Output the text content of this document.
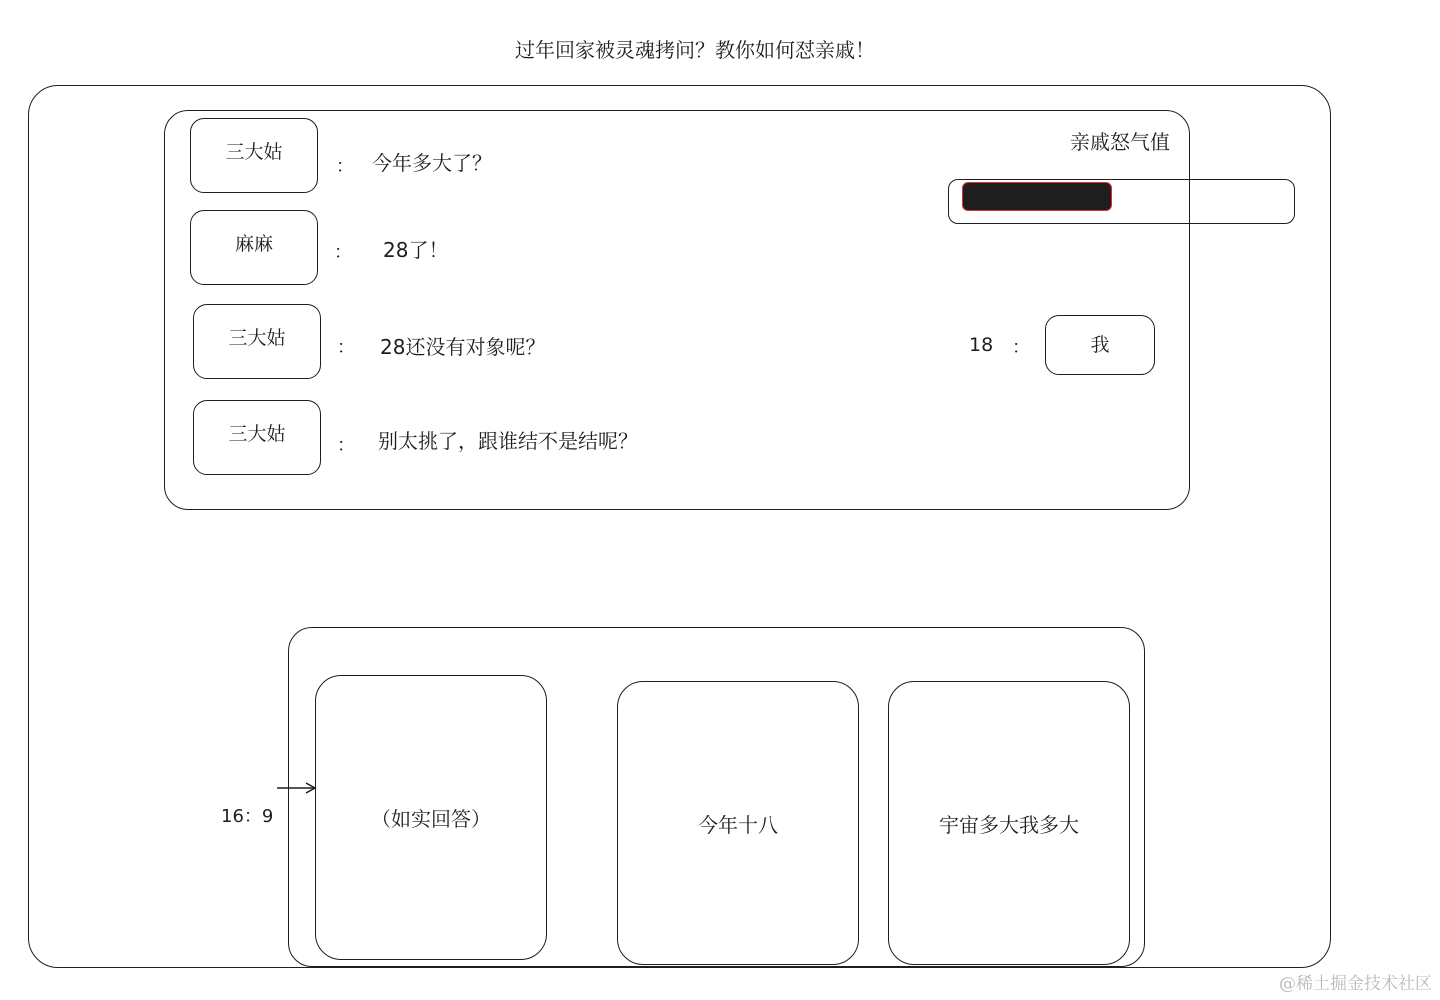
过年回家被灵魂拷问？教你如何怼亲戚！
三大姑
： 今年多大了？
麻麻	： 28了！
三大姑	： 28还没有对象呢？
三大姑
： 别太挑了，跟谁结不是结呢？
亲戚怒气值
18 ：	我
（如实回答）	今年十八	宇宙多大我多大
16：9
@稀土掘金技术社区
